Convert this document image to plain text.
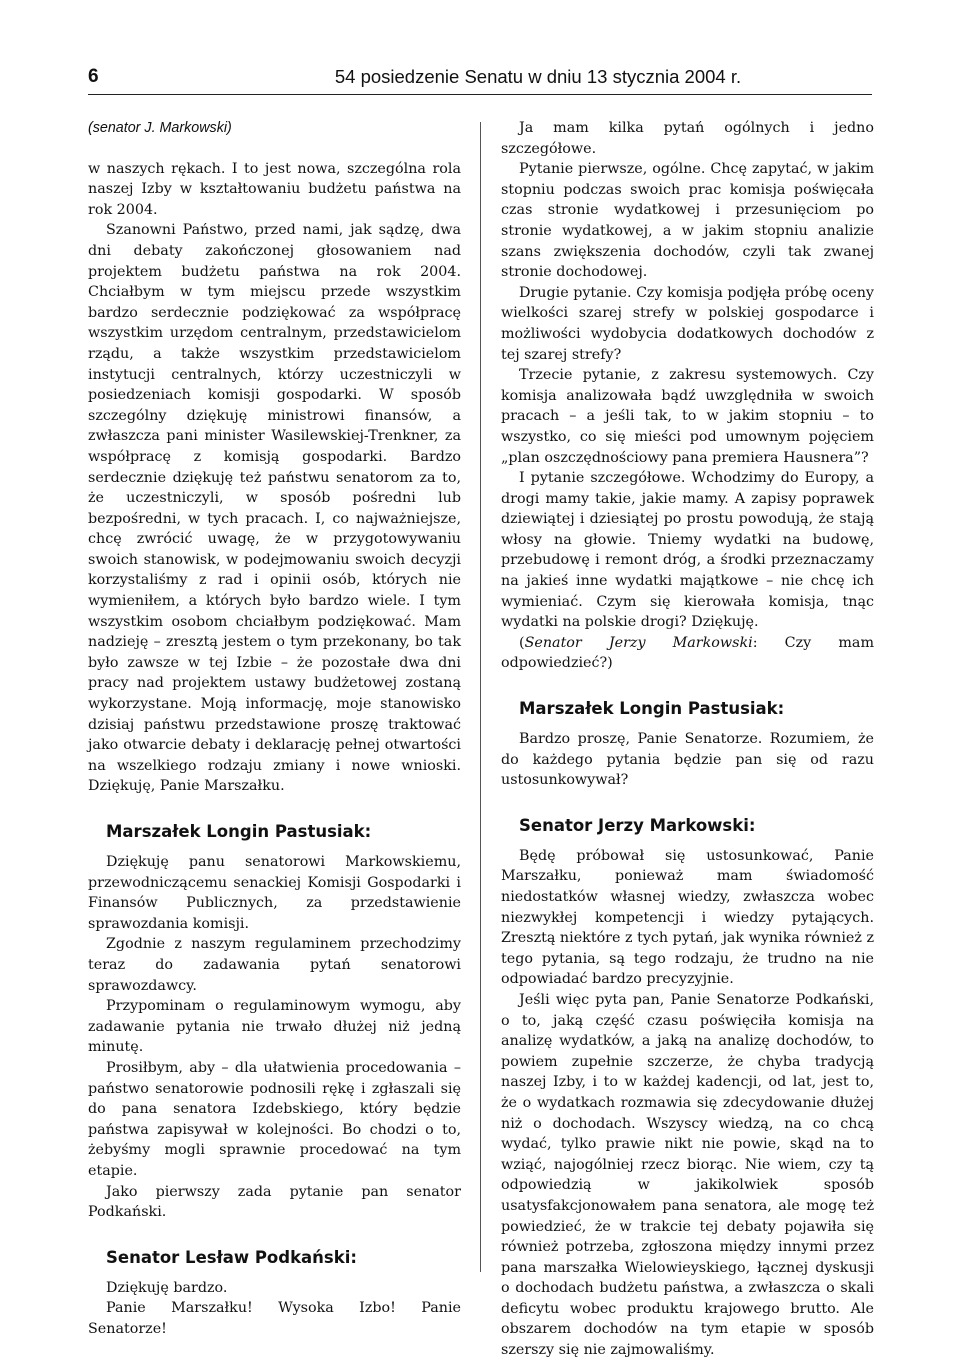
6	54 posiedzenie Senatu w dniu 13 stycznia 2004 r.
(senator J. Markowski)

w naszych rękach. I to jest nowa, szczególna rola naszej Izby w kształtowaniu budżetu państwa na rok 2004.

Szanowni Państwo, przed nami, jak sądzę, dwa dni debaty zakończonej głosowaniem nad projektem budżetu państwa na rok 2004. Chciałbym w tym miejscu przede wszystkim bardzo serdecznie podziękować za współpracę wszystkim urzędom centralnym, przedstawicielom rządu, a także wszystkim przedstawicielom instytucji centralnych, którzy uczestniczyli w posiedzeniach komisji gospodarki. W sposób szczególny dziękuję ministrowi finansów, a zwłaszcza pani minister Wasilewskiej-Trenkner, za współpracę z komisją gospodarki. Bardzo serdecznie dziękuję też państwu senatorom za to, że uczestniczyli, w sposób pośredni lub bezpośredni, w tych pracach. I, co najważniejsze, chcę zwrócić uwagę, że w przygotowywaniu swoich stanowisk, w podejmowaniu swoich decyzji korzystaliśmy z rad i opinii osób, których nie wymieniłem, a których było bardzo wiele. I tym wszystkim osobom chciałbym podziękować. Mam nadzieję – zresztą jestem o tym przekonany, bo tak było zawsze w tej Izbie – że pozostałe dwa dni pracy nad projektem ustawy budżetowej zostaną wykorzystane. Moją informację, moje stanowisko dzisiaj państwu przedstawione proszę traktować jako otwarcie debaty i deklarację pełnej otwartości na wszelkiego rodzaju zmiany i nowe wnioski. Dziękuję, Panie Marszałku.

Marszałek Longin Pastusiak:

Dziękuję panu senatorowi Markowskiemu, przewodniczącemu senackiej Komisji Gospodarki i Finansów Publicznych, za przedstawienie sprawozdania komisji.

Zgodnie z naszym regulaminem przechodzimy teraz do zadawania pytań senatorowi sprawozdawcy.

Przypominam o regulaminowym wymogu, aby zadawanie pytania nie trwało dłużej niż jedną minutę.

Prosiłbym, aby – dla ułatwienia procedowania – państwo senatorowie podnosili rękę i zgłaszali się do pana senatora Izdebskiego, który będzie państwa zapisywał w kolejności. Bo chodzi o to, żebyśmy mogli sprawnie procedować na tym etapie.

Jako pierwszy zada pytanie pan senator Podkański.

Senator Lesław Podkański:

Dziękuję bardzo.

Panie Marszałku! Wysoka Izbo! Panie Senatorze!

Ja mam kilka pytań ogólnych i jedno szczegółowe.

Pytanie pierwsze, ogólne. Chcę zapytać, w jakim stopniu podczas swoich prac komisja poświęcała czas stronie wydatkowej i przesunięciom po stronie wydatkowej, a w jakim stopniu analizie szans zwiększenia dochodów, czyli tak zwanej stronie dochodowej.

Drugie pytanie. Czy komisja podjęła próbę oceny wielkości szarej strefy w polskiej gospodarce i możliwości wydobycia dodatkowych dochodów z tej szarej strefy?

Trzecie pytanie, z zakresu systemowych. Czy komisja analizowała bądź uwzględniła w swoich pracach – a jeśli tak, to w jakim stopniu – to wszystko, co się mieści pod umownym pojęciem „plan oszczędnościowy pana premiera Hausnera”?

I pytanie szczegółowe. Wchodzimy do Europy, a drogi mamy takie, jakie mamy. A zapisy poprawek dziewiątej i dziesiątej po prostu powodują, że stają włosy na głowie. Tniemy wydatki na budowę, przebudowę i remont dróg, a środki przeznaczamy na jakieś inne wydatki majątkowe – nie chcę ich wymieniać. Czym się kierowała komisja, tnąc wydatki na polskie drogi? Dziękuję.

(Senator Jerzy Markowski: Czy mam odpowiedzieć?)

Marszałek Longin Pastusiak:

Bardzo proszę, Panie Senatorze. Rozumiem, że do każdego pytania będzie pan się od razu ustosunkowywał?

Senator Jerzy Markowski:

Będę próbował się ustosunkować, Panie Marszałku, ponieważ mam świadomość niedostatków własnej wiedzy, zwłaszcza wobec niezwykłej kompetencji i wiedzy pytających. Zresztą niektóre z tych pytań, jak wynika również z tego pytania, są tego rodzaju, że trudno na nie odpowiadać bardzo precyzyjnie.

Jeśli więc pyta pan, Panie Senatorze Podkański, o to, jaką część czasu poświęciła komisja na analizę wydatków, a jaką na analizę dochodów, to powiem zupełnie szczerze, że chyba tradycją naszej Izby, i to w każdej kadencji, od lat, jest to, że o wydatkach rozmawia się zdecydowanie dłużej niż o dochodach. Wszyscy wiedzą, na co chcą wydać, tylko prawie nikt nie powie, skąd na to wziąć, najogólniej rzecz biorąc. Nie wiem, czy tą odpowiedzią w jakikolwiek sposób usatysfakcjonowałem pana senatora, ale mogę też powiedzieć, że w trakcie tej debaty pojawiła się również potrzeba, zgłoszona między innymi przez pana marszałka Wielowieyskiego, łącznej dyskusji o dochodach budżetu państwa, a zwłaszcza o skali deficytu wobec produktu krajowego brutto. Ale obszarem dochodów na tym etapie w sposób szerszy się nie zajmowaliśmy.
